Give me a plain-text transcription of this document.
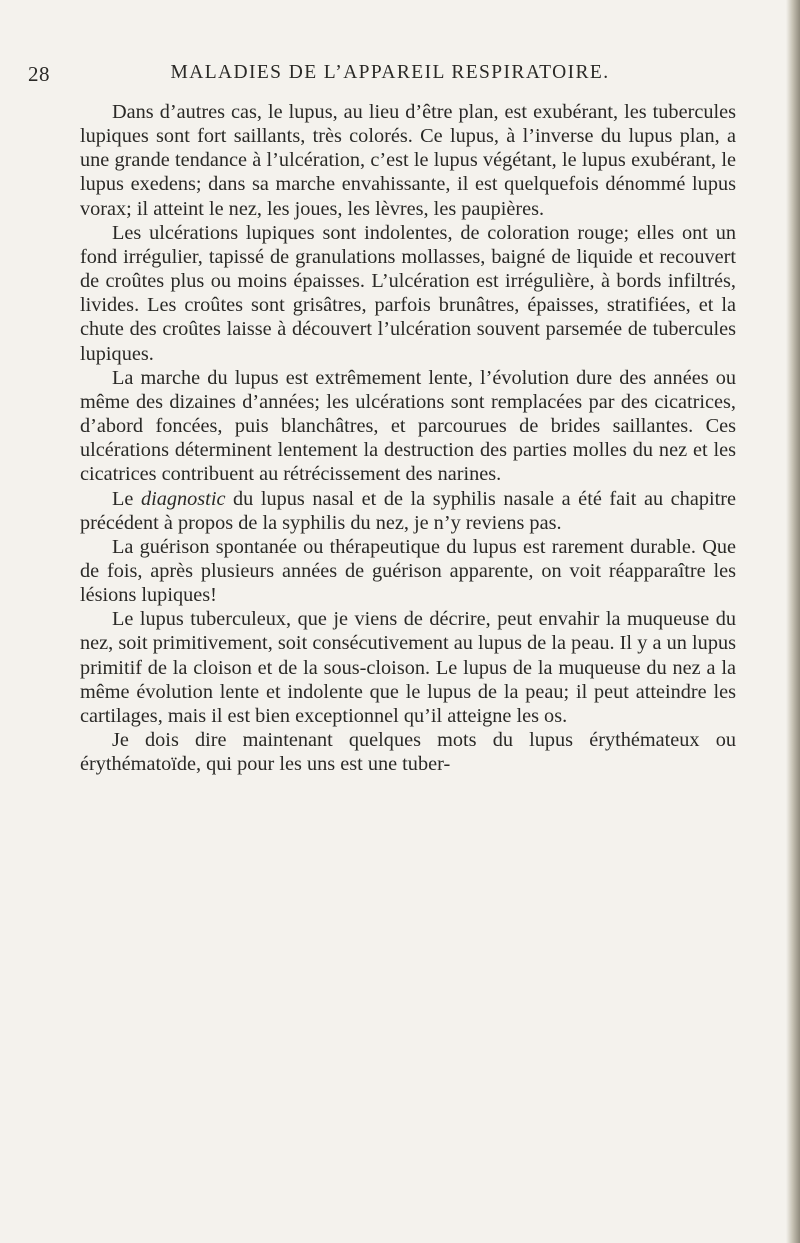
28	MALADIES DE L’APPAREIL RESPIRATOIRE.

Dans d’autres cas, le lupus, au lieu d’être plan, est exubérant, les tubercules lupiques sont fort saillants, très colorés. Ce lupus, à l’inverse du lupus plan, a une grande tendance à l’ulcération, c’est le lupus végétant, le lupus exubérant, le lupus exedens; dans sa marche envahissante, il est quelquefois dénommé lupus vorax; il atteint le nez, les joues, les lèvres, les paupières.

Les ulcérations lupiques sont indolentes, de coloration rouge; elles ont un fond irrégulier, tapissé de granulations mollasses, baigné de liquide et recouvert de croûtes plus ou moins épaisses. L’ulcération est irrégulière, à bords infiltrés, livides. Les croûtes sont grisâtres, parfois brunâtres, épaisses, stratifiées, et la chute des croûtes laisse à découvert l’ulcération souvent parsemée de tubercules lupiques.

La marche du lupus est extrêmement lente, l’évolution dure des années ou même des dizaines d’années; les ulcérations sont remplacées par des cicatrices, d’abord foncées, puis blanchâtres, et parcourues de brides saillantes. Ces ulcérations déterminent lentement la destruction des parties molles du nez et les cicatrices contribuent au rétrécissement des narines.

Le diagnostic du lupus nasal et de la syphilis nasale a été fait au chapitre précédent à propos de la syphilis du nez, je n’y reviens pas.

La guérison spontanée ou thérapeutique du lupus est rarement durable. Que de fois, après plusieurs années de guérison apparente, on voit réapparaître les lésions lupiques!

Le lupus tuberculeux, que je viens de décrire, peut envahir la muqueuse du nez, soit primitivement, soit consécutivement au lupus de la peau. Il y a un lupus primitif de la cloison et de la sous-cloison. Le lupus de la muqueuse du nez a la même évolution lente et indolente que le lupus de la peau; il peut atteindre les cartilages, mais il est bien exceptionnel qu’il atteigne les os.

Je dois dire maintenant quelques mots du lupus érythémateux ou érythématoïde, qui pour les uns est une tuber-
